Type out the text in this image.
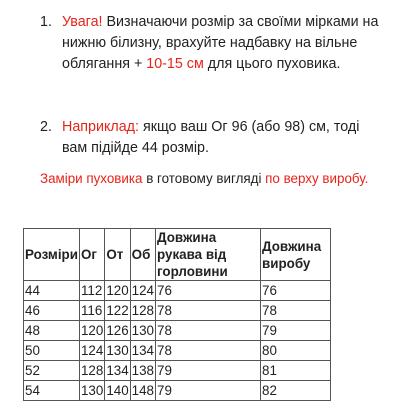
1. Увага! Визначаючи розмір за своїми мірками на нижню білизну, врахуйте надбавку на вільне облягання + 10-15 см для цього пуховика.
2. Наприклад: якщо ваш Ог 96 (або 98) см, тоді вам підійде 44 розмір.
Заміри пуховика в готовому вигляді по верху виробу.
Розміри	Ог	От	Об	Довжина рукава від горловини	Довжина виробу
44	112	120	124	76	76
46	116	122	128	78	78
48	120	126	130	78	79
50	124	130	134	78	80
52	128	134	138	79	81
54	130	140	148	79	82
